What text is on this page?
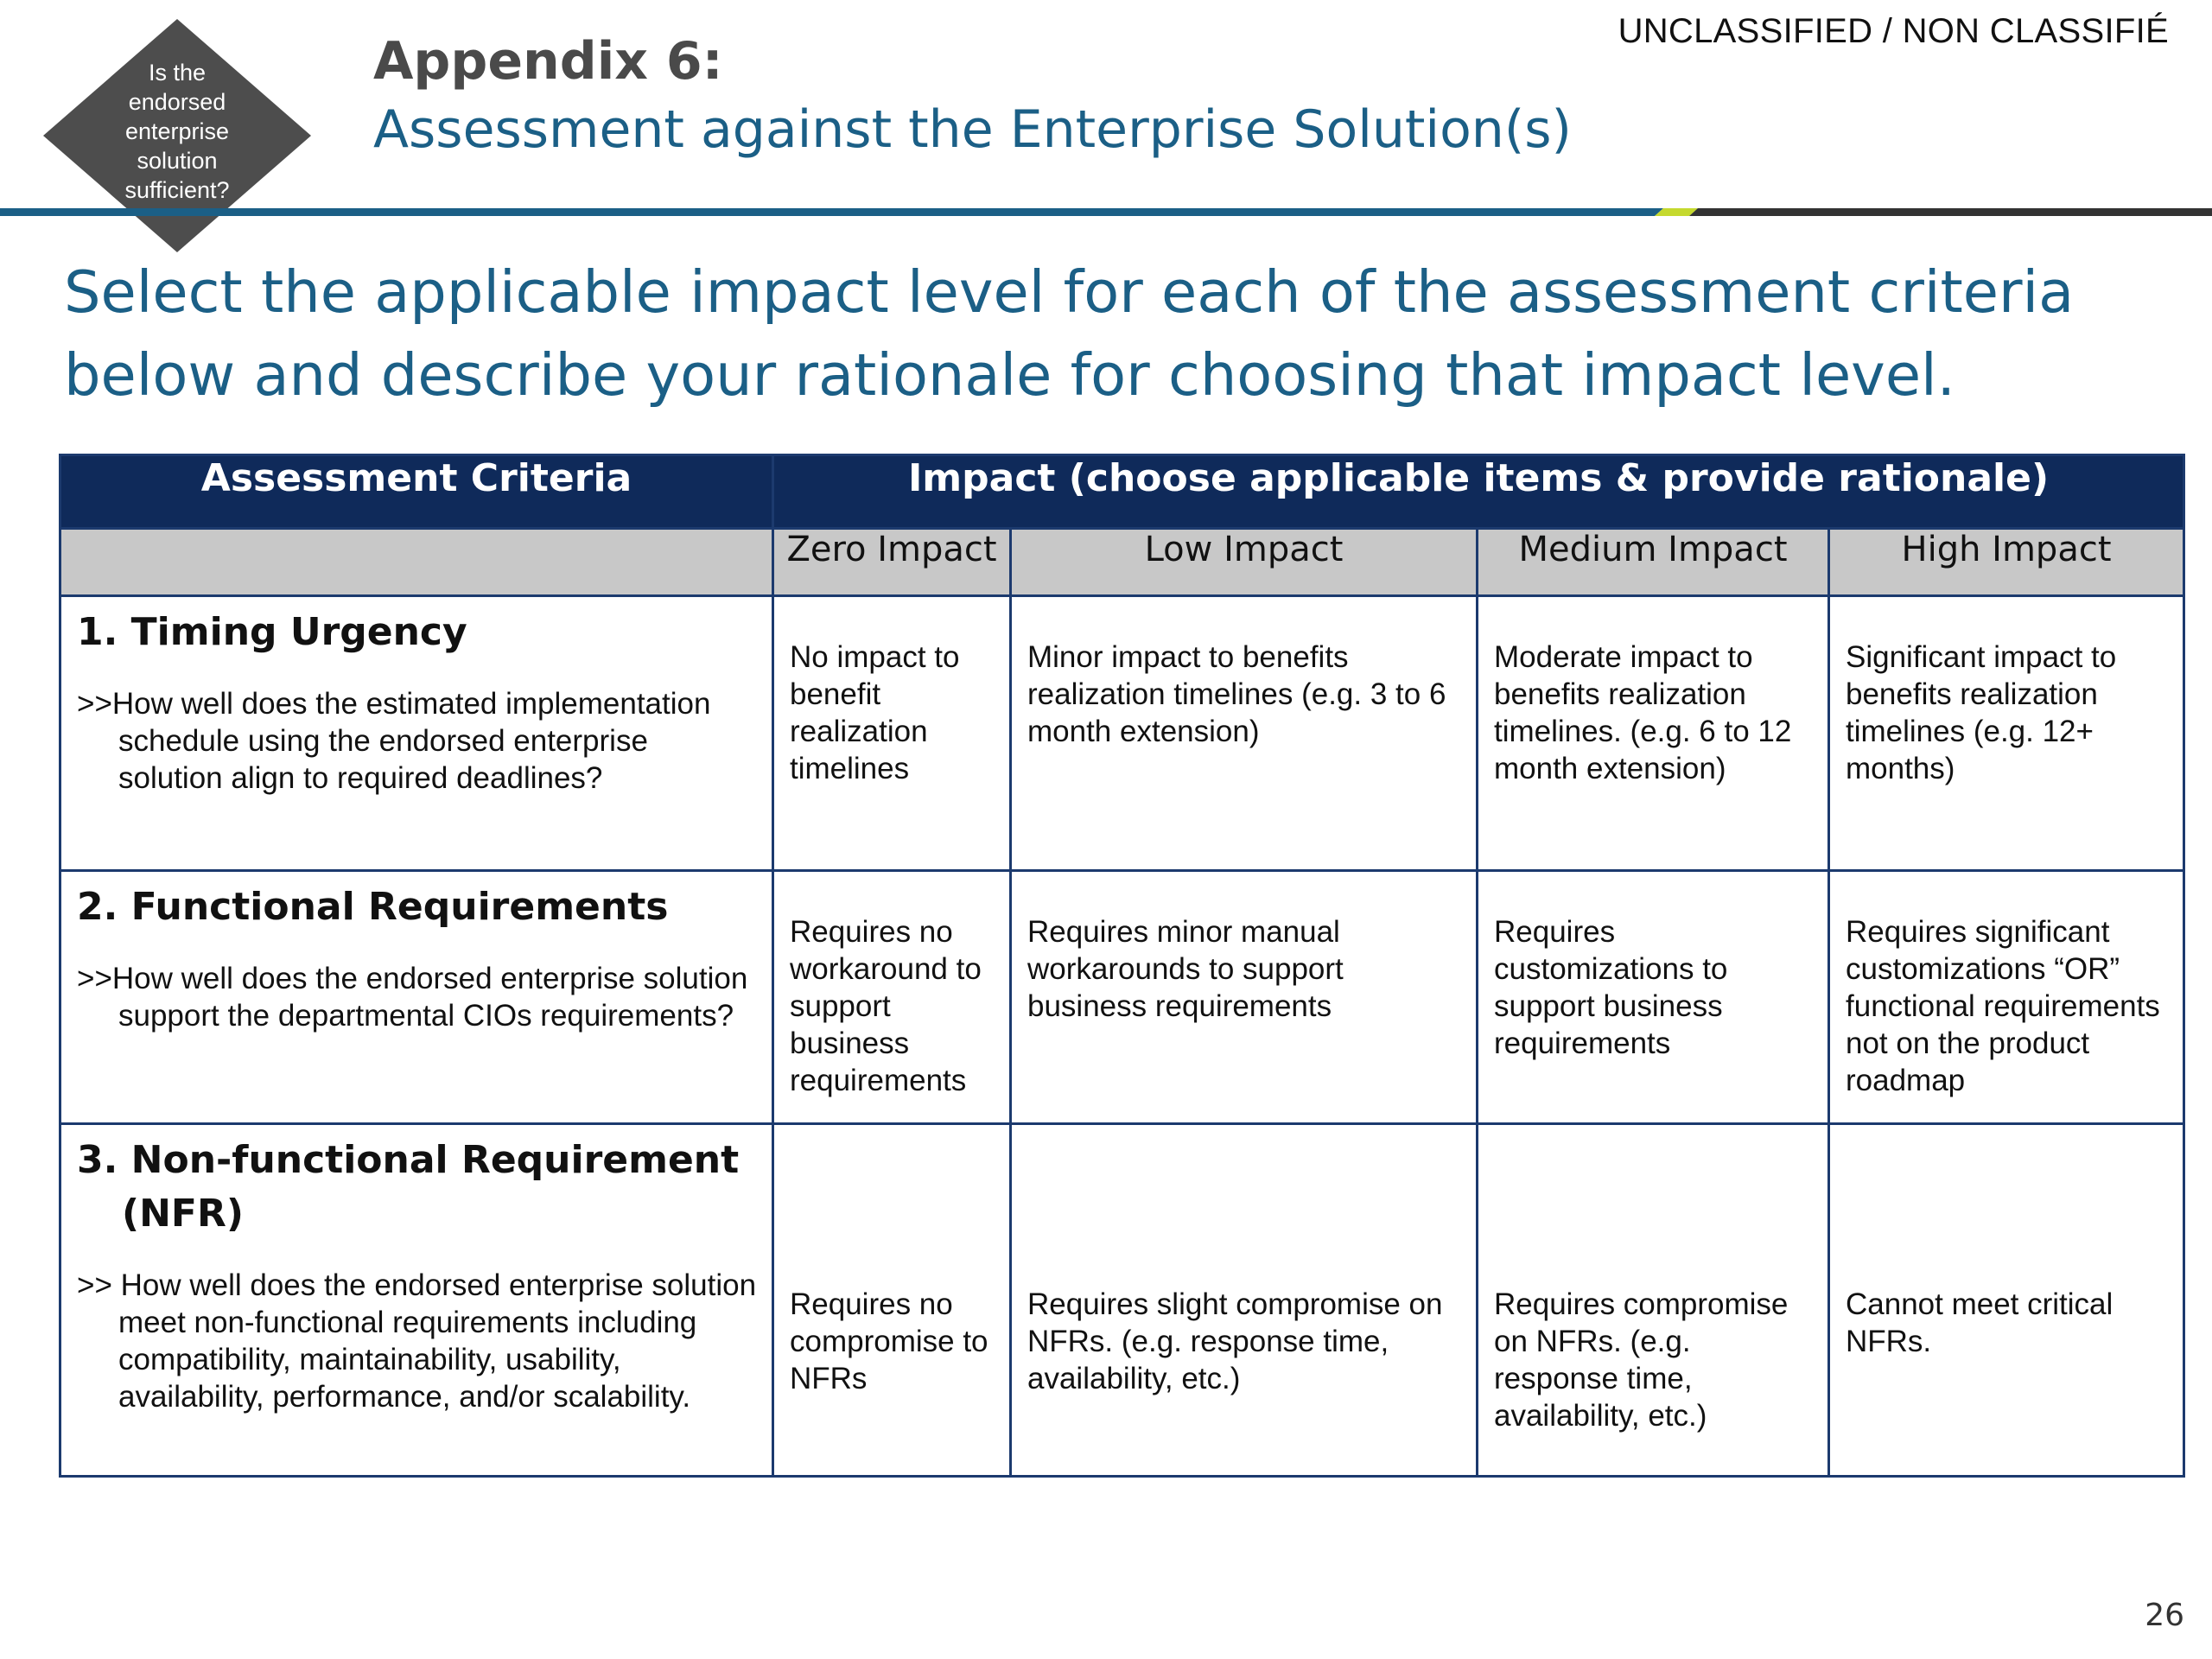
UNCLASSIFIED / NON CLASSIFIÉ
Is the
endorsed
enterprise
solution
sufficient?
Appendix 6:
Assessment against the Enterprise Solution(s)
Select the applicable impact level for each of the assessment criteria below and describe your rationale for choosing that impact level.
Assessment Criteria	Impact (choose applicable items & provide rationale)			
	Zero Impact	Low Impact	Medium Impact	High Impact

1. Timing Urgency
>>How well does the estimated implementation schedule using the endorsed enterprise solution align to required deadlines?	No impact to benefit realization timelines	Minor impact to benefits realization timelines (e.g. 3 to 6 month extension)	Moderate impact to benefits realization timelines. (e.g. 6 to 12 month extension)	Significant impact to benefits realization timelines (e.g. 12+ months)

2. Functional Requirements
>>How well does the endorsed enterprise solution support the departmental CIOs requirements?	Requires no workaround to support business requirements	Requires minor manual workarounds to support business requirements	Requires customizations to support business requirements	Requires significant customizations “OR” functional requirements not on the product roadmap

3. Non-functional Requirement (NFR)
>> How well does the endorsed enterprise solution meet non-functional requirements including compatibility, maintainability, usability, availability, performance, and/or scalability.	Requires no compromise to NFRs	Requires slight compromise on NFRs. (e.g. response time, availability, etc.)	Requires compromise on NFRs. (e.g. response time, availability, etc.)	Cannot meet critical NFRs.
26
